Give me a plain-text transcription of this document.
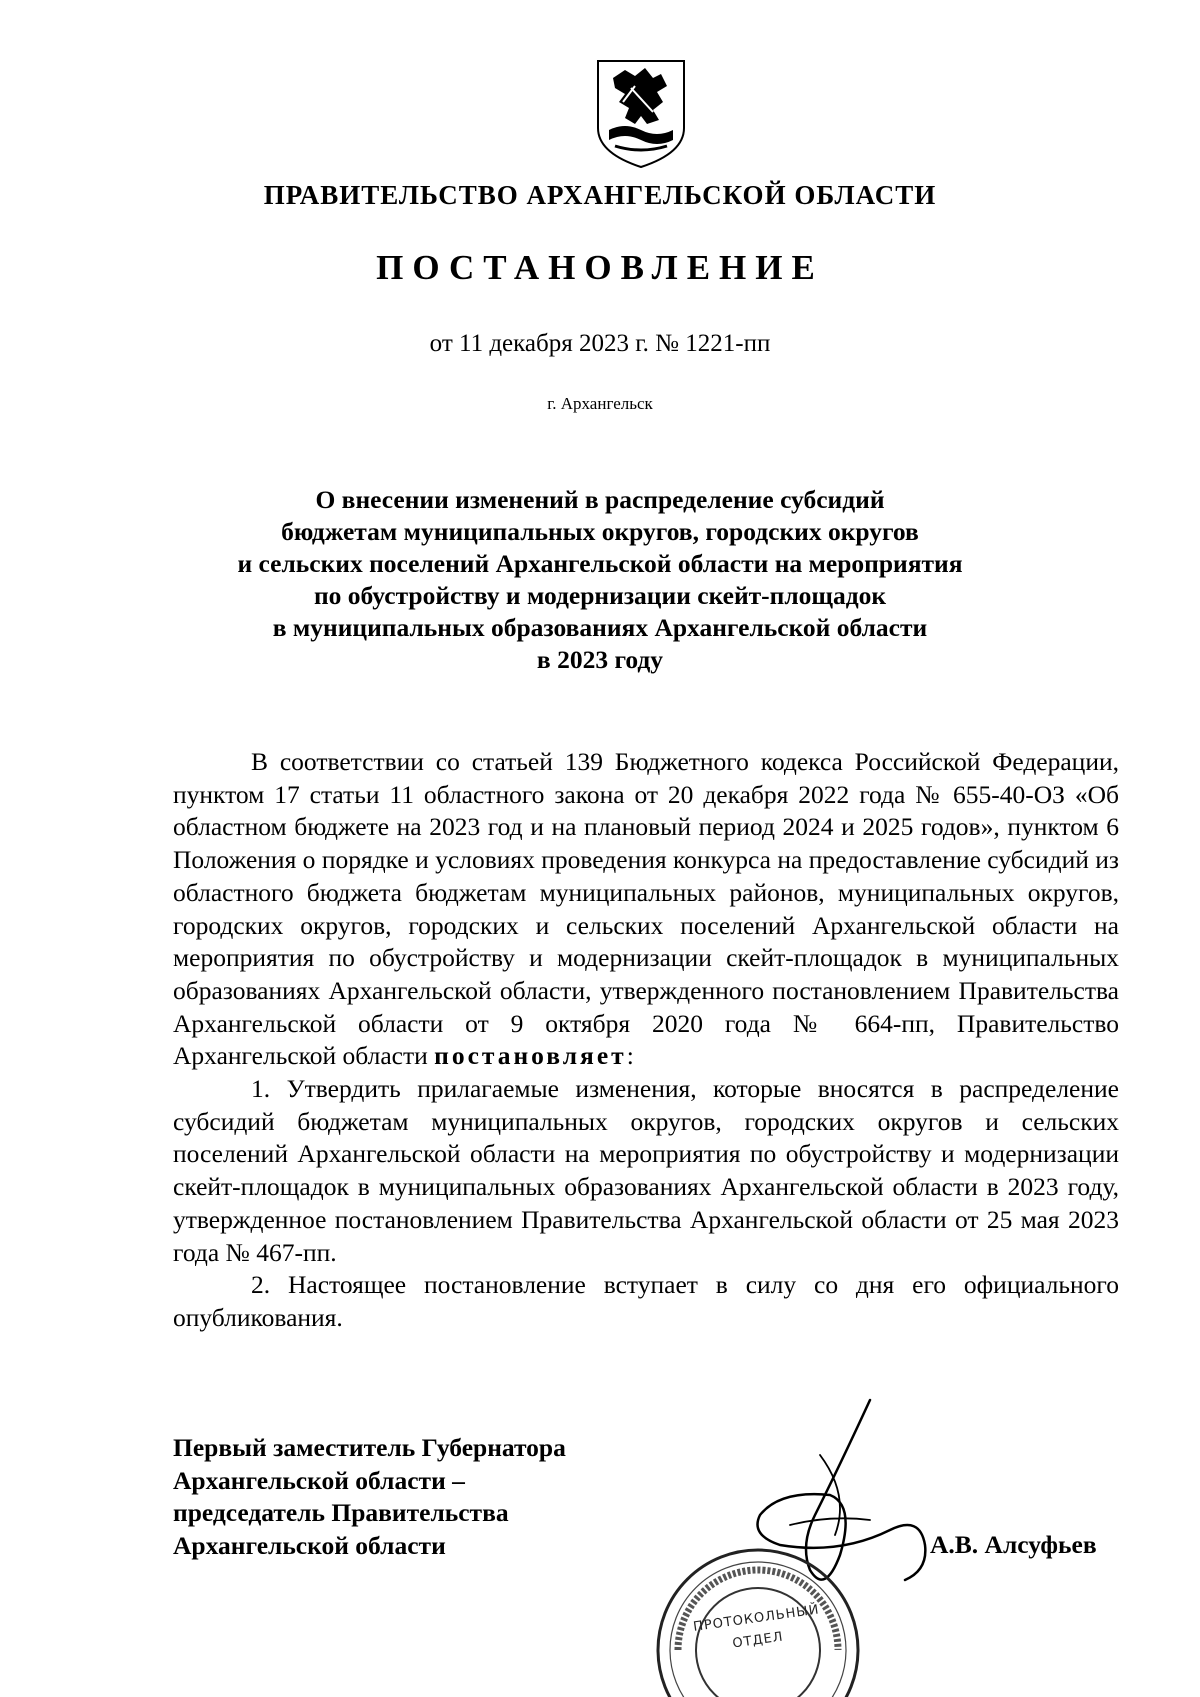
ПРАВИТЕЛЬСТВО АРХАНГЕЛЬСКОЙ ОБЛАСТИ
ПОСТАНОВЛЕНИЕ
от 11 декабря 2023 г. № 1221-пп
г. Архангельск
О внесении изменений в распределение субсидий
бюджетам муниципальных округов, городских округов
и сельских поселений Архангельской области на мероприятия
по обустройству и модернизации скейт-площадок
в муниципальных образованиях Архангельской области
в 2023 году

В соответствии со статьей 139 Бюджетного кодекса Российской Федерации, пунктом 17 статьи 11 областного закона от 20 декабря 2022 года № 655-40-ОЗ «Об областном бюджете на 2023 год и на плановый период 2024 и 2025 годов», пунктом 6 Положения о порядке и условиях проведения конкурса на предоставление субсидий из областного бюджета бюджетам муниципальных районов, муниципальных округов, городских округов, городских и сельских поселений Архангельской области на мероприятия по обустройству и модернизации скейт-площадок в муниципальных образованиях Архангельской области, утвержденного постановлением Правительства Архангельской области от 9 октября 2020 года № 664-пп, Правительство Архангельской области постановляет:

1. Утвердить прилагаемые изменения, которые вносятся в распределение субсидий бюджетам муниципальных округов, городских округов и сельских поселений Архангельской области на мероприятия по обустройству и модернизации скейт-площадок в муниципальных образованиях Архангельской области в 2023 году, утвержденное постановлением Правительства Архангельской области от 25 мая 2023 года № 467-пп.

2. Настоящее постановление вступает в силу со дня его официального опубликования.

Первый заместитель Губернатора
Архангельской области –
председатель Правительства
Архангельской области	А.В. Алсуфьев
ПРОТОКОЛЬНЫЙ
ОТДЕЛ
